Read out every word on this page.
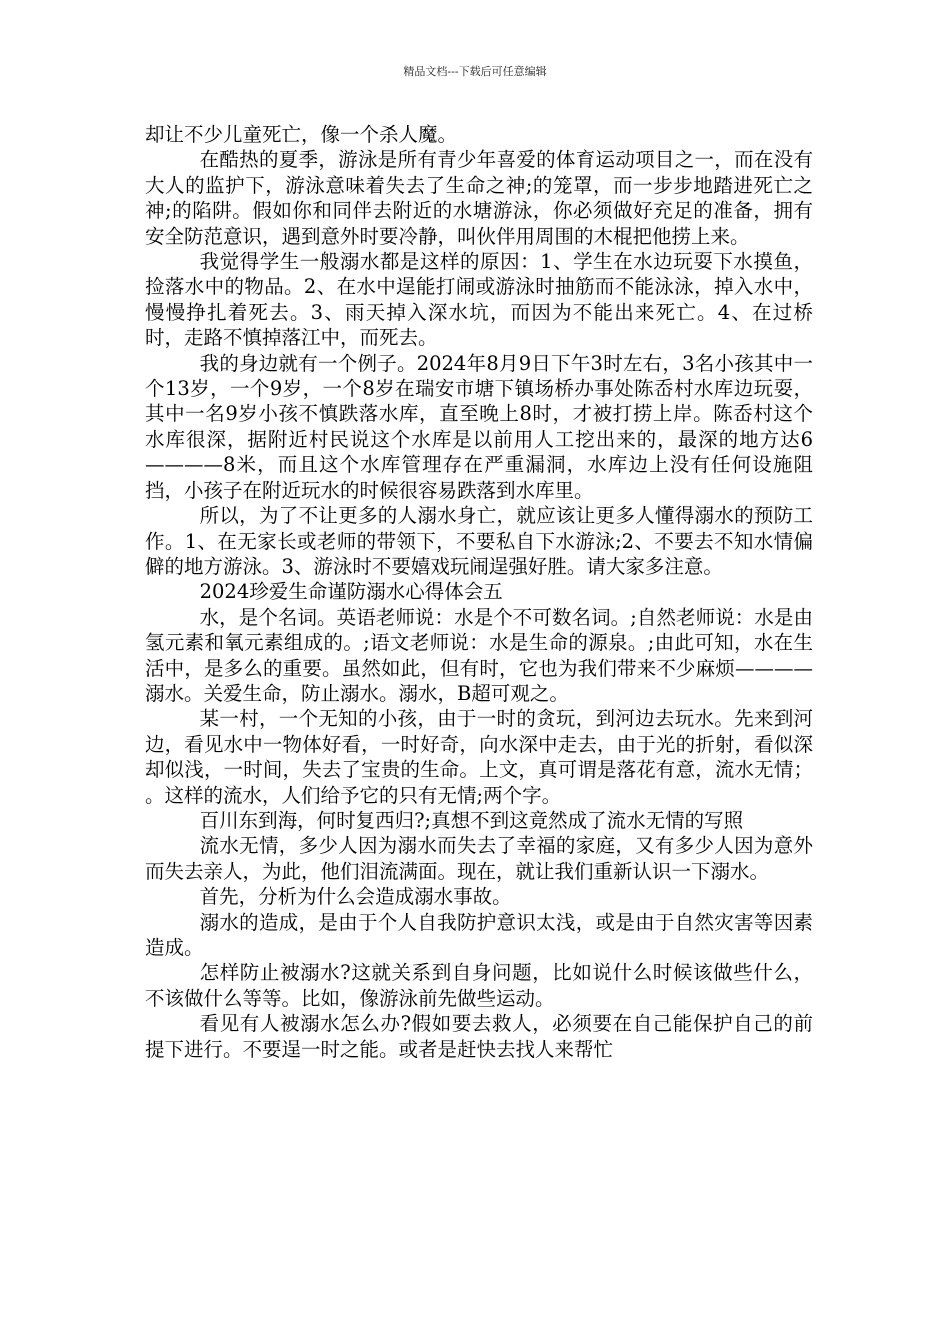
精品文档---下载后可任意编辑

却让不少儿童死亡，像一个杀人魔。

在酷热的夏季，游泳是所有青少年喜爱的体育运动项目之一，而在没有大人的监护下，游泳意味着失去了生命之神;的笼罩，而一步步地踏进死亡之神;的陷阱。假如你和同伴去附近的水塘游泳，你必须做好充足的准备，拥有安全防范意识，遇到意外时要冷静，叫伙伴用周围的木棍把他捞上来。

我觉得学生一般溺水都是这样的原因：1、学生在水边玩耍下水摸鱼，捡落水中的物品。2、在水中逞能打闹或游泳时抽筋而不能泳泳，掉入水中，慢慢挣扎着死去。3、雨天掉入深水坑，而因为不能出来死亡。4、在过桥时，走路不慎掉落江中，而死去。

我的身边就有一个例子。2024年8月9日下午3时左右，3名小孩其中一个13岁，一个9岁，一个8岁在瑞安市塘下镇场桥办事处陈岙村水库边玩耍，其中一名9岁小孩不慎跌落水库，直至晚上8时，才被打捞上岸。陈岙村这个水库很深，据附近村民说这个水库是以前用人工挖出来的，最深的地方达6————8米，而且这个水库管理存在严重漏洞，水库边上没有任何设施阻挡，小孩子在附近玩水的时候很容易跌落到水库里。

所以，为了不让更多的人溺水身亡，就应该让更多人懂得溺水的预防工作。1、在无家长或老师的带领下，不要私自下水游泳;2、不要去不知水情偏僻的地方游泳。3、游泳时不要嬉戏玩闹逞强好胜。请大家多注意。

2024珍爱生命谨防溺水心得体会五

水，是个名词。英语老师说：水是个不可数名词。;自然老师说：水是由氢元素和氧元素组成的。;语文老师说：水是生命的源泉。;由此可知，水在生活中，是多么的重要。虽然如此，但有时，它也为我们带来不少麻烦————溺水。关爱生命，防止溺水。溺水，B超可观之。

某一村，一个无知的小孩，由于一时的贪玩，到河边去玩水。先来到河边，看见水中一物体好看，一时好奇，向水深中走去，由于光的折射，看似深却似浅，一时间，失去了宝贵的生命。上文，真可谓是落花有意，流水无情； 。这样的流水，人们给予它的只有无情;两个字。

百川东到海，何时复西归?;真想不到这竟然成了流水无情的写照

流水无情，多少人因为溺水而失去了幸福的家庭，又有多少人因为意外而失去亲人，为此，他们泪流满面。现在，就让我们重新认识一下溺水。

首先，分析为什么会造成溺水事故。

溺水的造成，是由于个人自我防护意识太浅，或是由于自然灾害等因素造成。

怎样防止被溺水?这就关系到自身问题，比如说什么时候该做些什么，不该做什么等等。比如，像游泳前先做些运动。

看见有人被溺水怎么办?假如要去救人，必须要在自己能保护自己的前提下进行。不要逞一时之能。或者是赶快去找人来帮忙
